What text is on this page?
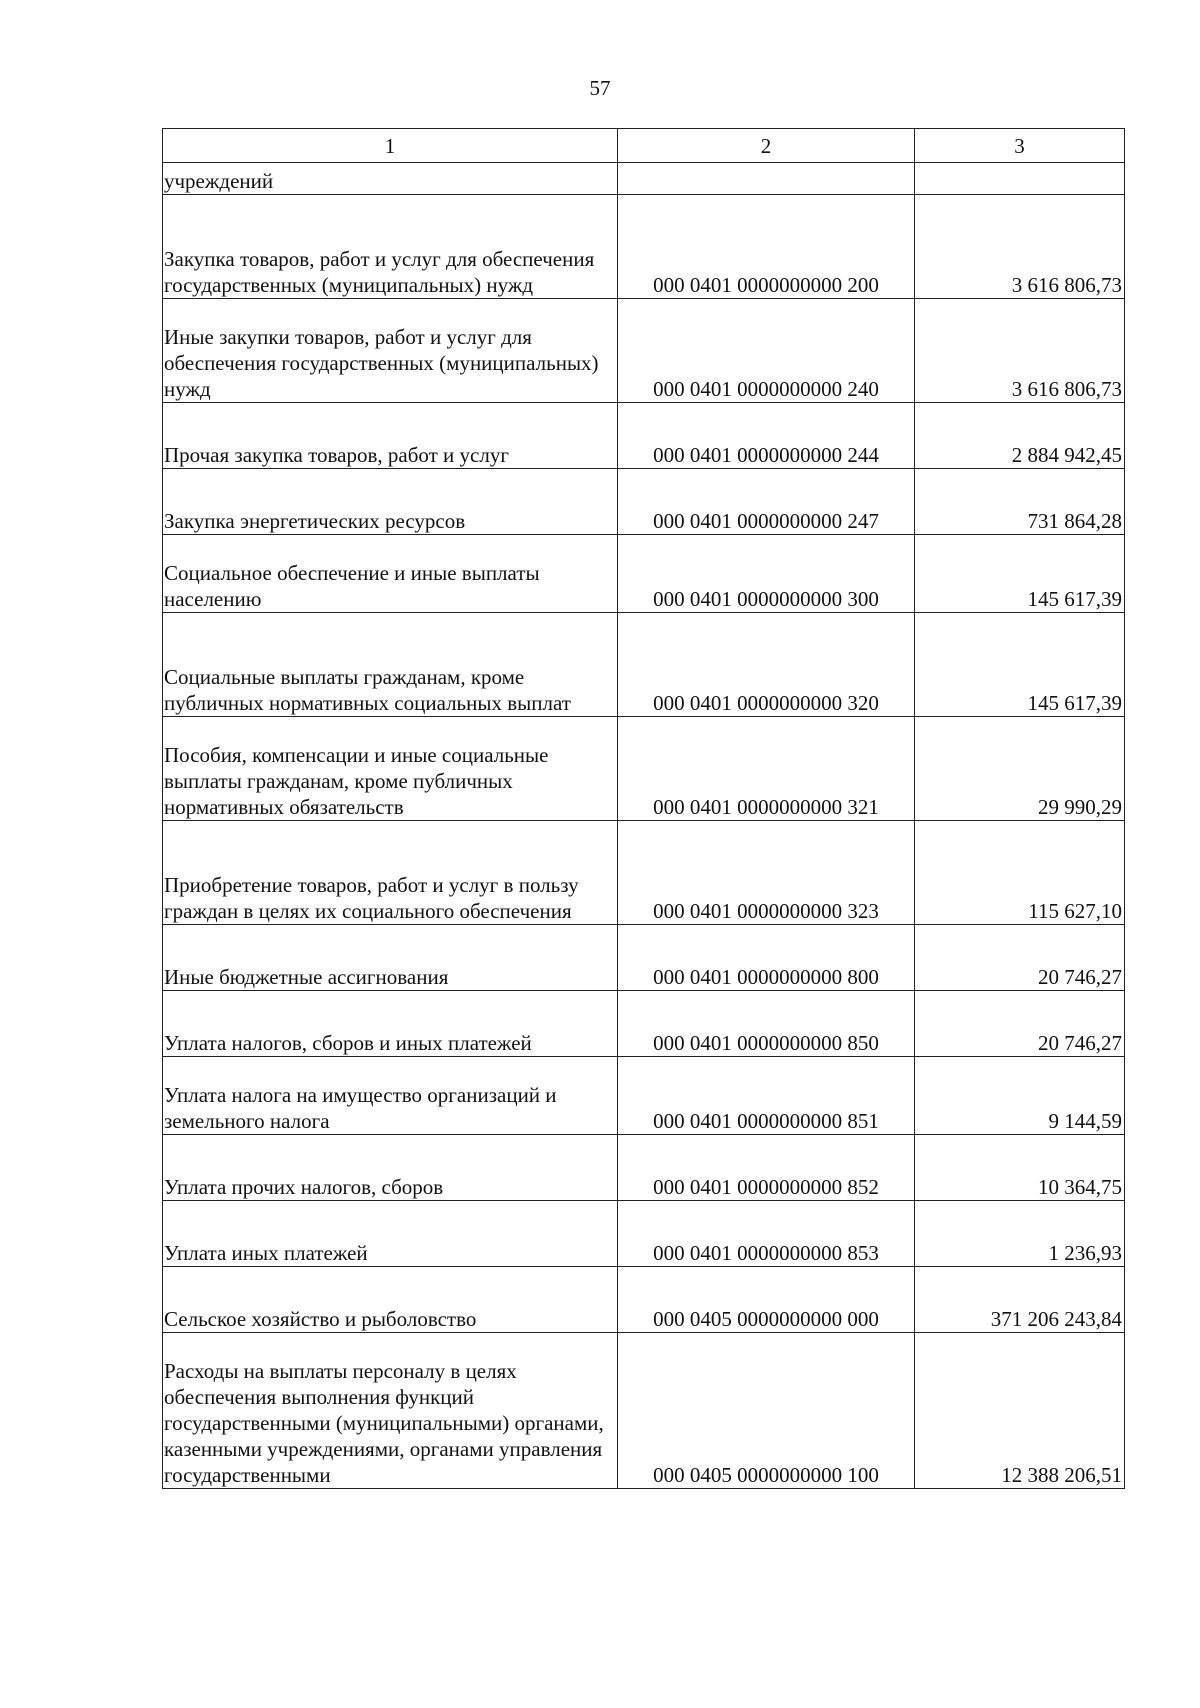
57
1	2	3
учреждений		
Закупка товаров, работ и услуг для обеспечения государственных (муниципальных) нужд	000 0401 0000000000 200	3 616 806,73
Иные закупки товаров, работ и услуг для обеспечения государственных (муниципальных) нужд	000 0401 0000000000 240	3 616 806,73
Прочая закупка товаров, работ и услуг	000 0401 0000000000 244	2 884 942,45
Закупка энергетических ресурсов	000 0401 0000000000 247	731 864,28
Социальное обеспечение и иные выплаты населению	000 0401 0000000000 300	145 617,39
Социальные выплаты гражданам, кроме публичных нормативных социальных выплат	000 0401 0000000000 320	145 617,39
Пособия, компенсации и иные социальные выплаты гражданам, кроме публичных нормативных обязательств	000 0401 0000000000 321	29 990,29
Приобретение товаров, работ и услуг в пользу граждан в целях их социального обеспечения	000 0401 0000000000 323	115 627,10
Иные бюджетные ассигнования	000 0401 0000000000 800	20 746,27
Уплата налогов, сборов и иных платежей	000 0401 0000000000 850	20 746,27
Уплата налога на имущество организаций и земельного налога	000 0401 0000000000 851	9 144,59
Уплата прочих налогов, сборов	000 0401 0000000000 852	10 364,75
Уплата иных платежей	000 0401 0000000000 853	1 236,93
Сельское хозяйство и рыболовство	000 0405 0000000000 000	371 206 243,84
Расходы на выплаты персоналу в целях обеспечения выполнения функций государственными (муниципальными) органами, казенными учреждениями, органами управления государственными	000 0405 0000000000 100	12 388 206,51
